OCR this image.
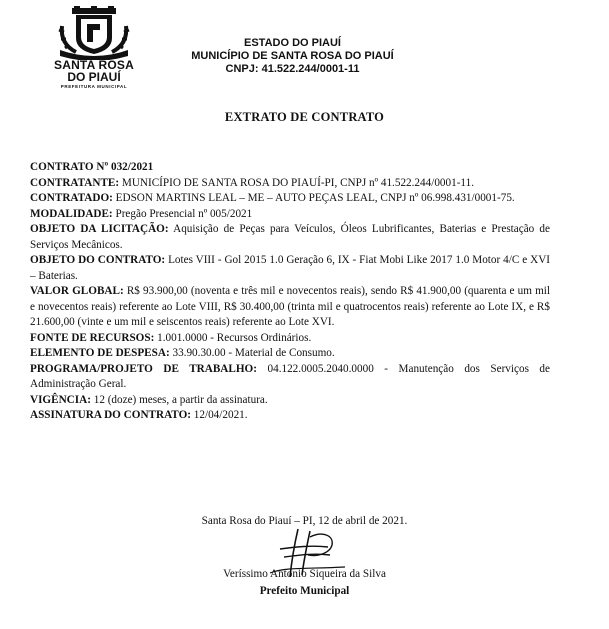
SANTA ROSA
DO PIAUÍ
PREFEITURA MUNICIPAL
ESTADO DO PIAUÍ
MUNICÍPIO DE SANTA ROSA DO PIAUÍ
CNPJ: 41.522.244/0001-11
EXTRATO DE CONTRATO

CONTRATO Nº 032/2021

CONTRATANTE: MUNICÍPIO DE SANTA ROSA DO PIAUÍ-PI, CNPJ nº 41.522.244/0001-11.

CONTRATADO: EDSON MARTINS LEAL – ME – AUTO PEÇAS LEAL, CNPJ nº 06.998.431/0001-75.

MODALIDADE: Pregão Presencial nº 005/2021

OBJETO DA LICITAÇÃO: Aquisição de Peças para Veículos, Óleos Lubrificantes, Baterias e Prestação de Serviços Mecânicos.

OBJETO DO CONTRATO: Lotes VIII - Gol 2015 1.0 Geração 6, IX - Fiat Mobi Like 2017 1.0 Motor 4/C e XVI – Baterias.

VALOR GLOBAL: R$ 93.900,00 (noventa e três mil e novecentos reais), sendo R$ 41.900,00 (quarenta e um mil e novecentos reais) referente ao Lote VIII, R$ 30.400,00 (trinta mil e quatrocentos reais) referente ao Lote IX, e R$ 21.600,00 (vinte e um mil e seiscentos reais) referente ao Lote XVI.

FONTE DE RECURSOS: 1.001.0000 - Recursos Ordinários.

ELEMENTO DE DESPESA: 33.90.30.00 - Material de Consumo.

PROGRAMA/PROJETO DE TRABALHO: 04.122.0005.2040.0000 - Manutenção dos Serviços de Administração Geral.

VIGÊNCIA: 12 (doze) meses, a partir da assinatura.

ASSINATURA DO CONTRATO: 12/04/2021.

Santa Rosa do Piauí – PI, 12 de abril de 2021.
Veríssimo Antonio Siqueira da Silva
Prefeito Municipal
